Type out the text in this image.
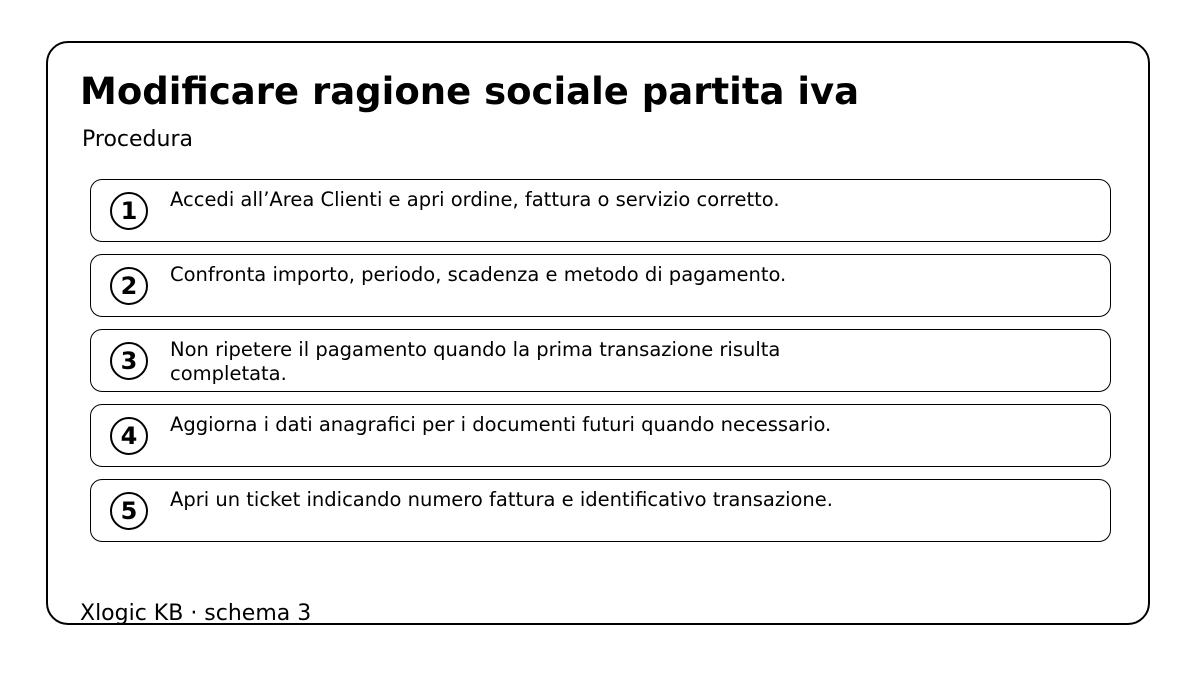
Modificare ragione sociale partita iva
Procedura
1	Accedi all’Area Clienti e apri ordine, fattura o servizio corretto.
2	Confronta importo, periodo, scadenza e metodo di pagamento.
3	Non ripetere il pagamento quando la prima transazione risulta completata.
4	Aggiorna i dati anagrafici per i documenti futuri quando necessario.
5	Apri un ticket indicando numero fattura e identificativo transazione.
Xlogic KB · schema 3
